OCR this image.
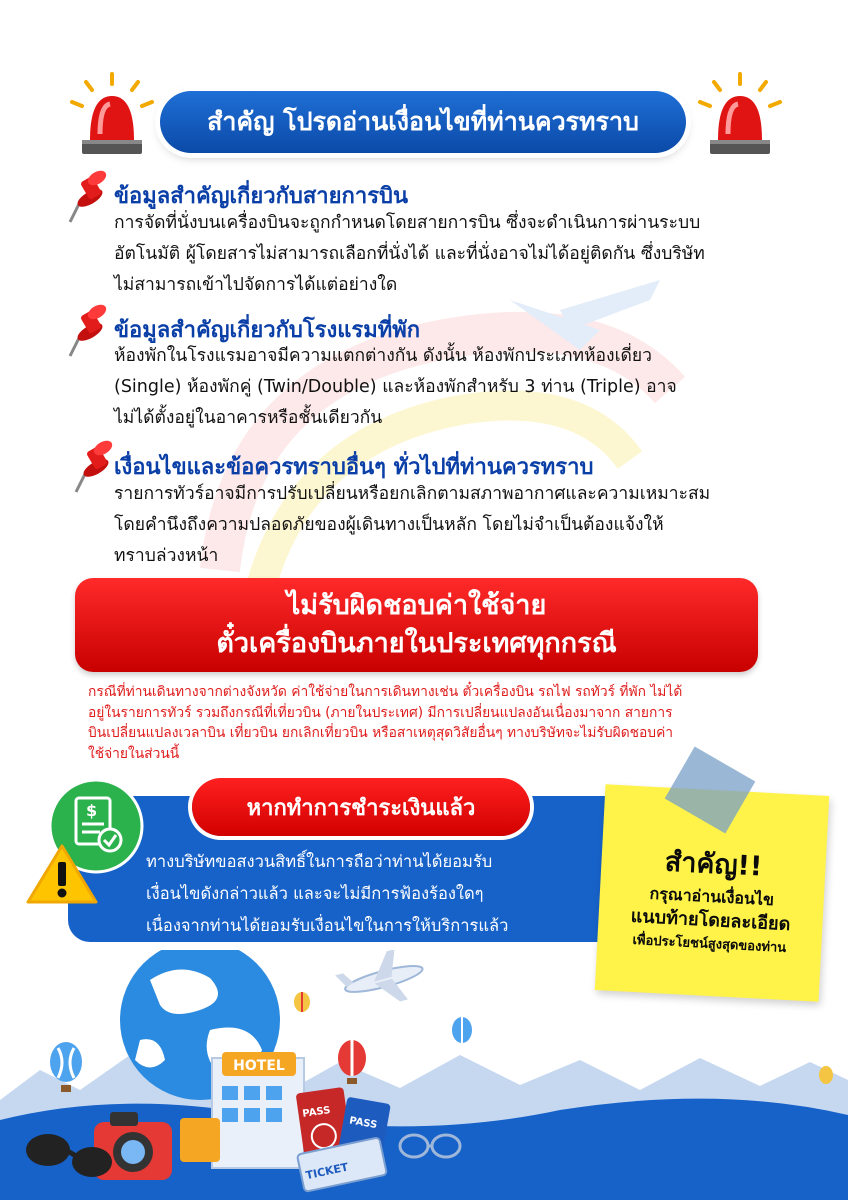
สำคัญ โปรดอ่านเงื่อนไขที่ท่านควรทราบ
ข้อมูลสำคัญเกี่ยวกับสายการบิน
การจัดที่นั่งบนเครื่องบินจะถูกกำหนดโดยสายการบิน ซึ่งจะดำเนินการผ่านระบบ
อัตโนมัติ ผู้โดยสารไม่สามารถเลือกที่นั่งได้ และที่นั่งอาจไม่ได้อยู่ติดกัน ซึ่งบริษัท
ไม่สามารถเข้าไปจัดการได้แต่อย่างใด
ข้อมูลสำคัญเกี่ยวกับโรงแรมที่พัก
ห้องพักในโรงแรมอาจมีความแตกต่างกัน ดังนั้น ห้องพักประเภทห้องเดี่ยว
(Single) ห้องพักคู่ (Twin/Double) และห้องพักสำหรับ 3 ท่าน (Triple) อาจ
ไม่ได้ตั้งอยู่ในอาคารหรือชั้นเดียวกัน
เงื่อนไขและข้อควรทราบอื่นๆ ทั่วไปที่ท่านควรทราบ
รายการทัวร์อาจมีการปรับเปลี่ยนหรือยกเลิกตามสภาพอากาศและความเหมาะสม
โดยคำนึงถึงความปลอดภัยของผู้เดินทางเป็นหลัก โดยไม่จำเป็นต้องแจ้งให้
ทราบล่วงหน้า
ไม่รับผิดชอบค่าใช้จ่าย
ตั๋วเครื่องบินภายในประเทศทุกกรณี
กรณีที่ท่านเดินทางจากต่างจังหวัด ค่าใช้จ่ายในการเดินทางเช่น ตั๋วเครื่องบิน รถไฟ รถทัวร์ ที่พัก ไม่ได้
อยู่ในรายการทัวร์ รวมถึงกรณีที่เที่ยวบิน (ภายในประเทศ) มีการเปลี่ยนแปลงอันเนื่องมาจาก สายการ
บินเปลี่ยนแปลงเวลาบิน เที่ยวบิน ยกเลิกเที่ยวบิน หรือสาเหตุสุดวิสัยอื่นๆ ทางบริษัทจะไม่รับผิดชอบค่า
ใช้จ่ายในส่วนนี้
$	หากทำการชำระเงินแล้ว
ทางบริษัทขอสงวนสิทธิ์ในการถือว่าท่านได้ยอมรับ
เงื่อนไขดังกล่าวแล้ว และจะไม่มีการฟ้องร้องใดๆ
เนื่องจากท่านได้ยอมรับเงื่อนไขในการให้บริการแล้ว
สำคัญ!!
กรุณาอ่านเงื่อนไข
แนบท้ายโดยละเอียด
เพื่อประโยชน์สูงสุดของท่าน
HOTEL
PASS
PASS
TICKET
